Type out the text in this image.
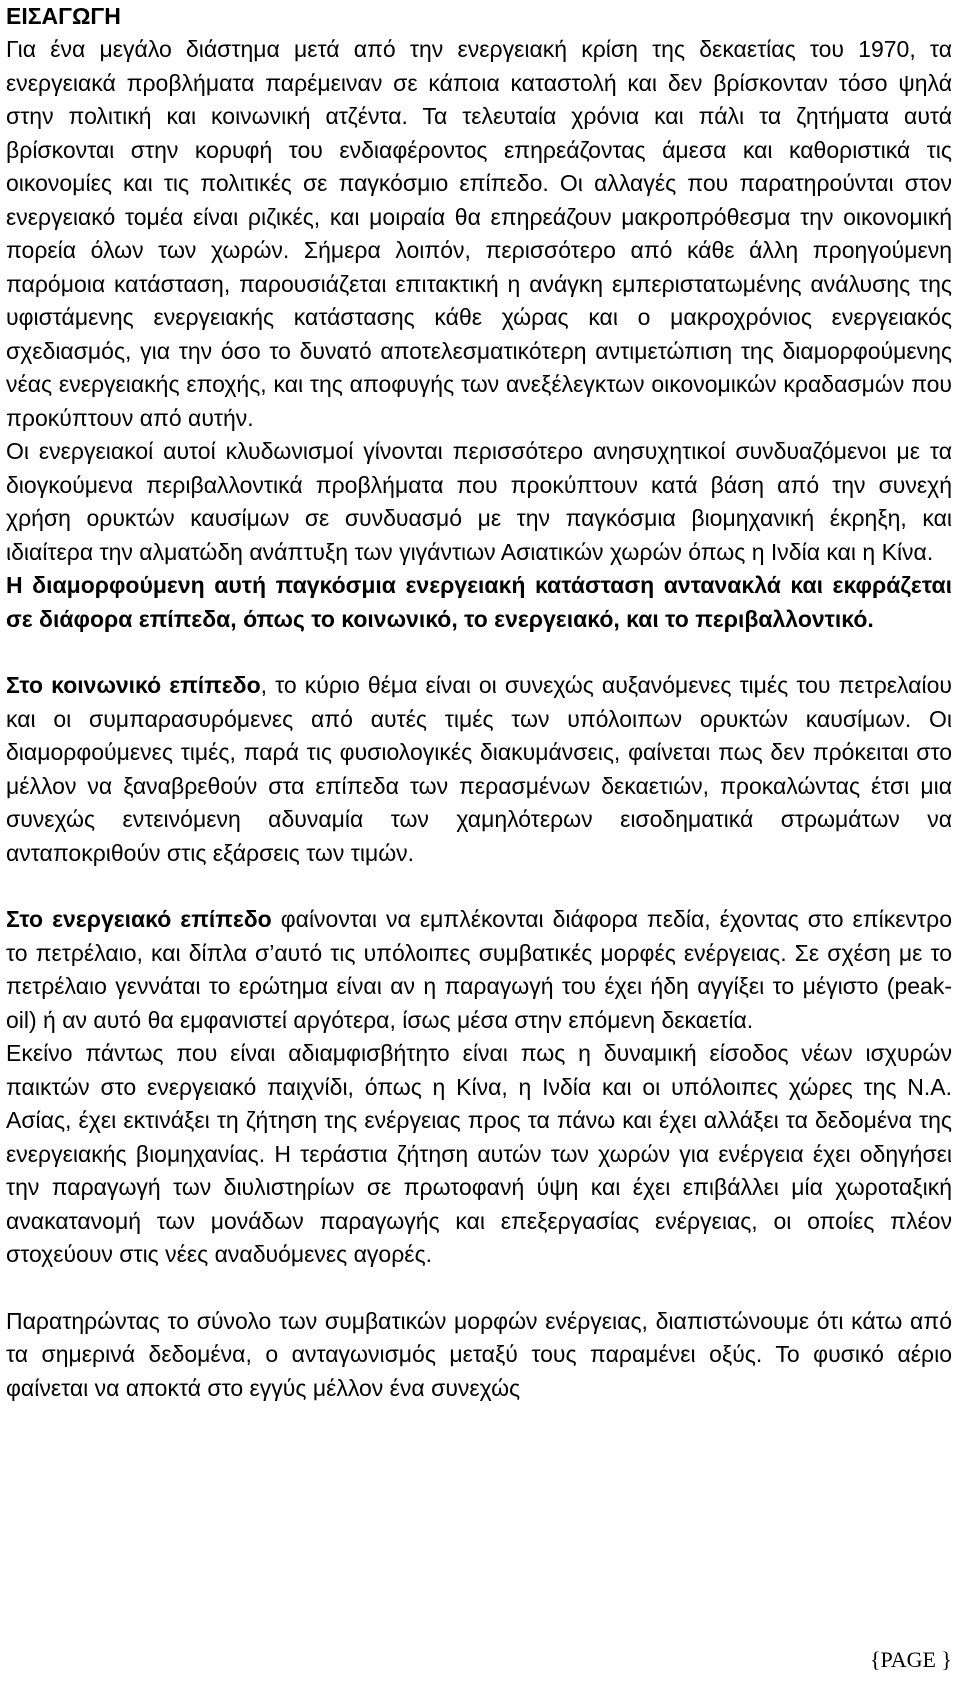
ΕΙΣΑΓΩΓΗ

Για ένα μεγάλο διάστημα μετά από την ενεργειακή κρίση της δεκαετίας του 1970, τα ενεργειακά προβλήματα παρέμειναν σε κάποια καταστολή και δεν βρίσκονταν τόσο ψηλά στην πολιτική και κοινωνική ατζέντα. Τα τελευταία χρόνια και πάλι τα ζητήματα αυτά βρίσκονται στην κορυφή του ενδιαφέροντος επηρεάζοντας άμεσα και καθοριστικά τις οικονομίες και τις πολιτικές σε παγκόσμιο επίπεδο. Οι αλλαγές που παρατηρούνται στον ενεργειακό τομέα είναι ριζικές, και μοιραία θα επηρεάζουν μακροπρόθεσμα την οικονομική πορεία όλων των χωρών. Σήμερα λοιπόν, περισσότερο από κάθε άλλη προηγούμενη παρόμοια κατάσταση, παρουσιάζεται επιτακτική η ανάγκη εμπεριστατωμένης ανάλυσης της υφιστάμενης ενεργειακής κατάστασης κάθε χώρας και ο μακροχρόνιος ενεργειακός σχεδιασμός, για την όσο το δυνατό αποτελεσματικότερη αντιμετώπιση της διαμορφούμενης νέας ενεργειακής εποχής, και της αποφυγής των ανεξέλεγκτων οικονομικών κραδασμών που προκύπτουν από αυτήν.

Οι ενεργειακοί αυτοί κλυδωνισμοί γίνονται περισσότερο ανησυχητικοί συνδυαζόμενοι με τα διογκούμενα περιβαλλοντικά προβλήματα που προκύπτουν κατά βάση από την συνεχή χρήση ορυκτών καυσίμων σε συνδυασμό με την παγκόσμια βιομηχανική έκρηξη, και ιδιαίτερα την αλματώδη ανάπτυξη των γιγάντιων Ασιατικών χωρών όπως η Ινδία και η Κίνα.

Η διαμορφούμενη αυτή παγκόσμια ενεργειακή κατάσταση αντανακλά και εκφράζεται σε διάφορα επίπεδα, όπως το κοινωνικό, το ενεργειακό, και το περιβαλλοντικό.

Στο κοινωνικό επίπεδο, το κύριο θέμα είναι οι συνεχώς αυξανόμενες τιμές του πετρελαίου και οι συμπαρασυρόμενες από αυτές τιμές των υπόλοιπων ορυκτών καυσίμων. Οι διαμορφούμενες τιμές, παρά τις φυσιολογικές διακυμάνσεις, φαίνεται πως δεν πρόκειται στο μέλλον να ξαναβρεθούν στα επίπεδα των περασμένων δεκαετιών, προκαλώντας έτσι μια συνεχώς εντεινόμενη αδυναμία των χαμηλότερων εισοδηματικά στρωμάτων να ανταποκριθούν στις εξάρσεις των τιμών.

Στο ενεργειακό επίπεδο φαίνονται να εμπλέκονται διάφορα πεδία, έχοντας στο επίκεντρο το πετρέλαιο, και δίπλα σ’αυτό τις υπόλοιπες συμβατικές μορφές ενέργειας. Σε σχέση με το πετρέλαιο γεννάται το ερώτημα είναι αν η παραγωγή του έχει ήδη αγγίξει το μέγιστο (peak-oil) ή αν αυτό θα εμφανιστεί αργότερα, ίσως μέσα στην επόμενη δεκαετία.

Εκείνο πάντως που είναι αδιαμφισβήτητο είναι πως η δυναμική είσοδος νέων ισχυρών παικτών στο ενεργειακό παιχνίδι, όπως η Κίνα, η Ινδία και οι υπόλοιπες χώρες της Ν.Α. Ασίας, έχει εκτινάξει τη ζήτηση της ενέργειας προς τα πάνω και έχει αλλάξει τα δεδομένα της ενεργειακής βιομηχανίας. Η τεράστια ζήτηση αυτών των χωρών για ενέργεια έχει οδηγήσει την παραγωγή των διυλιστηρίων σε πρωτοφανή ύψη και έχει επιβάλλει μία χωροταξική ανακατανομή των μονάδων παραγωγής και επεξεργασίας ενέργειας, οι οποίες πλέον στοχεύουν στις νέες αναδυόμενες αγορές.

Παρατηρώντας το σύνολο των συμβατικών μορφών ενέργειας, διαπιστώνουμε ότι κάτω από τα σημερινά δεδομένα, ο ανταγωνισμός μεταξύ τους παραμένει οξύς. Το φυσικό αέριο φαίνεται να αποκτά στο εγγύς μέλλον ένα συνεχώς

{PAGE }
